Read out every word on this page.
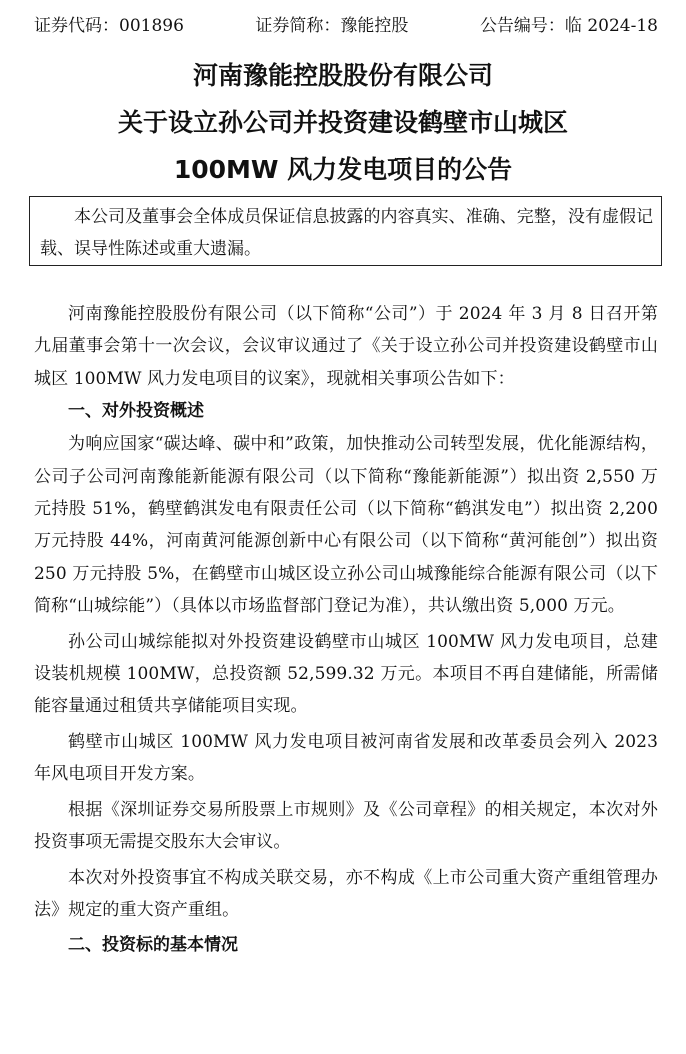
证券代码：001896	证券简称：豫能控股	公告编号：临 2024-18
河南豫能控股股份有限公司
关于设立孙公司并投资建设鹤壁市山城区
100MW 风力发电项目的公告
本公司及董事会全体成员保证信息披露的内容真实、准确、完整，没有虚假记载、误导性陈述或重大遗漏。

河南豫能控股股份有限公司（以下简称“公司”）于 2024 年 3 月 8 日召开第九届董事会第十一次会议，会议审议通过了《关于设立孙公司并投资建设鹤壁市山城区 100MW 风力发电项目的议案》，现就相关事项公告如下：

一、对外投资概述

为响应国家“碳达峰、碳中和”政策，加快推动公司转型发展，优化能源结构，公司子公司河南豫能新能源有限公司（以下简称“豫能新能源”）拟出资 2,550 万元持股 51%，鹤壁鹤淇发电有限责任公司（以下简称“鹤淇发电”）拟出资 2,200 万元持股 44%，河南黄河能源创新中心有限公司（以下简称“黄河能创”）拟出资 250 万元持股 5%，在鹤壁市山城区设立孙公司山城豫能综合能源有限公司（以下简称“山城综能”）（具体以市场监督部门登记为准），共认缴出资 5,000 万元。

孙公司山城综能拟对外投资建设鹤壁市山城区 100MW 风力发电项目，总建设装机规模 100MW，总投资额 52,599.32 万元。本项目不再自建储能，所需储能容量通过租赁共享储能项目实现。

鹤壁市山城区 100MW 风力发电项目被河南省发展和改革委员会列入 2023 年风电项目开发方案。

根据《深圳证券交易所股票上市规则》及《公司章程》的相关规定，本次对外投资事项无需提交股东大会审议。

本次对外投资事宜不构成关联交易，亦不构成《上市公司重大资产重组管理办法》规定的重大资产重组。

二、投资标的基本情况
